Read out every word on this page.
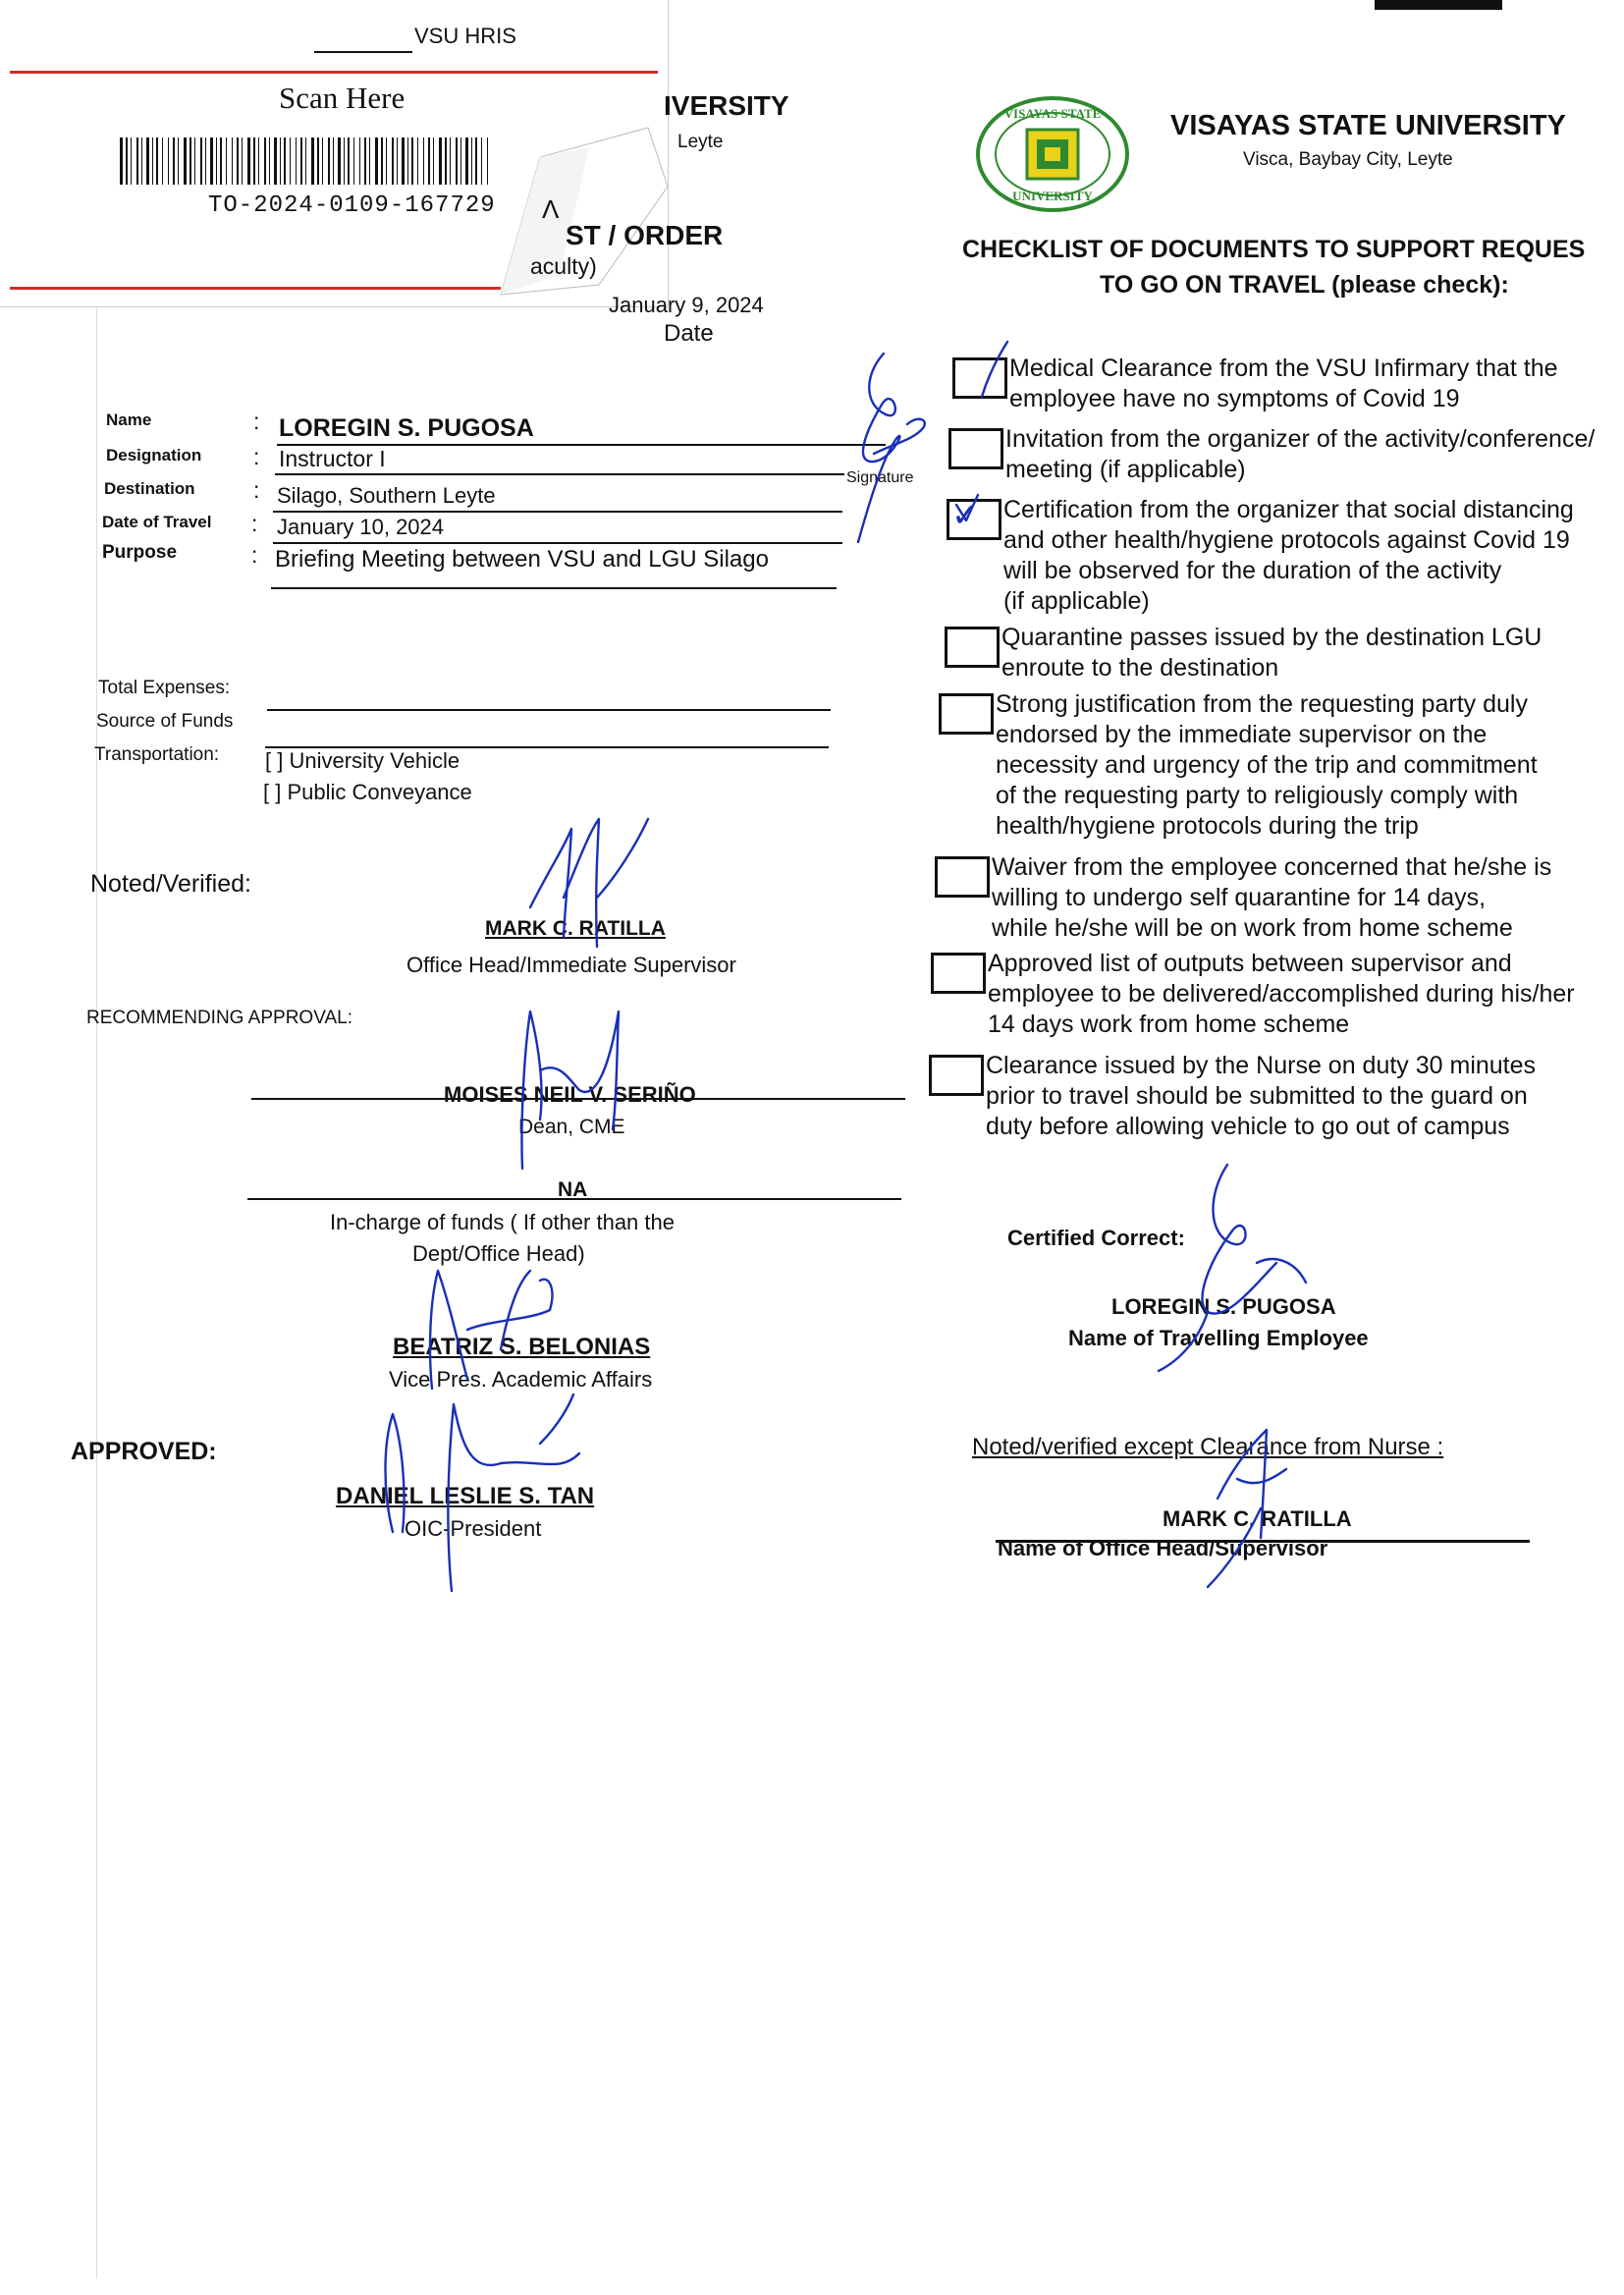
VSU HRIS
Scan Here
TO-2024-0109-167729
IVERSITY
Leyte
Λ
ST / ORDER
aculty)
January 9, 2024
Date
Name	: LOREGIN S. PUGOSA
Designation : Instructor I
Destination	: Silago, Southern Leyte
Date of Travel : January 10, 2024
Purpose	: Briefing Meeting between VSU and LGU Silago
Signature
Total Expenses:
Source of Funds
Transportation: [ ] University Vehicle
[ ] Public Conveyance
Noted/Verified:
MARK C. RATILLA
Office Head/Immediate Supervisor
RECOMMENDING APPROVAL:
MOISES NEIL V. SERIÑO
Dean, CME
NA
In-charge of funds ( If other than the
Dept/Office Head)
BEATRIZ S. BELONIAS
Vice Pres. Academic Affairs
APPROVED:
DANIEL LESLIE S. TAN
OIC-President
VISAYAS STATE
UNIVERSITY
VISAYAS STATE UNIVERSITY
Visca, Baybay City, Leyte
CHECKLIST OF DOCUMENTS TO SUPPORT REQUES
TO GO ON TRAVEL (please check):
Medical Clearance from the VSU Infirmary that the
employee have no symptoms of Covid 19
Invitation from the organizer of the activity/conference/
meeting (if applicable)
✓ Certification from the organizer that social distancing
and other health/hygiene protocols against Covid 19
will be observed for the duration of the activity
(if applicable)
Quarantine passes issued by the destination LGU
enroute to the destination
Strong justification from the requesting party duly
endorsed by the immediate supervisor on the
necessity and urgency of the trip and commitment
of the requesting party to religiously comply with
health/hygiene protocols during the trip
Waiver from the employee concerned that he/she is
willing to undergo self quarantine for 14 days,
while he/she will be on work from home scheme
Approved list of outputs between supervisor and
employee to be delivered/accomplished during his/her
14 days work from home scheme
Clearance issued by the Nurse on duty 30 minutes
prior to travel should be submitted to the guard on
duty before allowing vehicle to go out of campus
Certified Correct:
LOREGIN S. PUGOSA
Name of Travelling Employee
Noted/verified except Clearance from Nurse :
MARK C. RATILLA
Name of Office Head/Supervisor
